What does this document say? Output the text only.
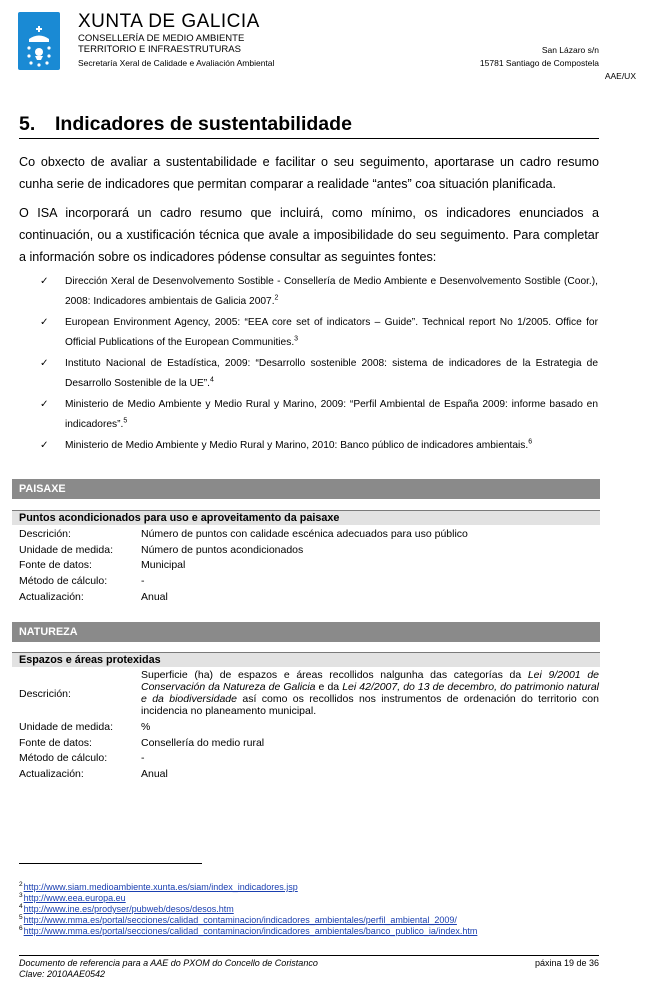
XUNTA DE GALICIA
CONSELLERÍA DE MEDIO AMBIENTE
TERRITORIO E INFRAESTRUTURAS
Secretaría Xeral de Calidade e Avaliación Ambiental
San Lázaro s/n
15781 Santiago de Compostela
AAE/UX
5. Indicadores de sustentabilidade
Co obxecto de avaliar a sustentabilidade e facilitar o seu seguimento, aportarase un cadro resumo cunha serie de indicadores que permitan comparar a realidade “antes” coa situación planificada.
O ISA incorporará un cadro resumo que incluirá, como mínimo, os indicadores enunciados a continuación, ou a xustificación técnica que avale a imposibilidade do seu seguimento. Para completar a información sobre os indicadores pódense consultar as seguintes fontes:
✓ Dirección Xeral de Desenvolvemento Sostible - Consellería de Medio Ambiente e Desenvolvemento Sostible (Coor.), 2008: Indicadores ambientais de Galicia 2007.$^2$
✓ European Environment Agency, 2005: “EEA core set of indicators – Guide”. Technical report No 1/2005. Office for Official Publications of the European Communities.$^3$
✓ Instituto Nacional de Estadística, 2009: “Desarrollo sostenible 2008: sistema de indicadores de la Estrategia de Desarrollo Sostenible de la UE”.$^4$
✓ Ministerio de Medio Ambiente y Medio Rural y Marino, 2009: “Perfil Ambiental de España 2009: informe basado en indicadores”.$^5$
✓ Ministerio de Medio Ambiente y Medio Rural y Marino, 2010: Banco público de indicadores ambientais.$^6$
PAISAXE
Puntos acondicionados para uso e aproveitamento da paisaxe
Descrición:	Número de puntos con calidade escénica adecuados para uso público
Unidade de medida:	Número de puntos acondicionados
Fonte de datos:	Municipal
Método de cálculo:	-
Actualización:	Anual
NATUREZA
Espazos e áreas protexidas
Descrición:	Superficie (ha) de espazos e áreas recollidos nalgunha das categorías da Lei 9/2001 de Conservación da Natureza de Galicia e da Lei 42/2007, do 13 de decembro, do patrimonio natural e da biodiversidade así como os recollidos nos instrumentos de ordenación do territorio con incidencia no planeamento municipal.
Unidade de medida:	%
Fonte de datos:	Consellería do medio rural
Método de cálculo:	-
Actualización:	Anual
$^2$http://www.siam.medioambiente.xunta.es/siam/index_indicadores.jsp
$^3$http://www.eea.europa.eu
$^4$http://www.ine.es/prodyser/pubweb/desos/desos.htm
$^5$http://www.mma.es/portal/secciones/calidad_contaminacion/indicadores_ambientales/perfil_ambiental_2009/
$^6$http://www.mma.es/portal/secciones/calidad_contaminacion/indicadores_ambientales/banco_publico_ia/index.htm
Documento de referencia para a AAE do PXOM do Concello de Coristanco
Clave: 2010AAE0542
páxina 19 de 36
